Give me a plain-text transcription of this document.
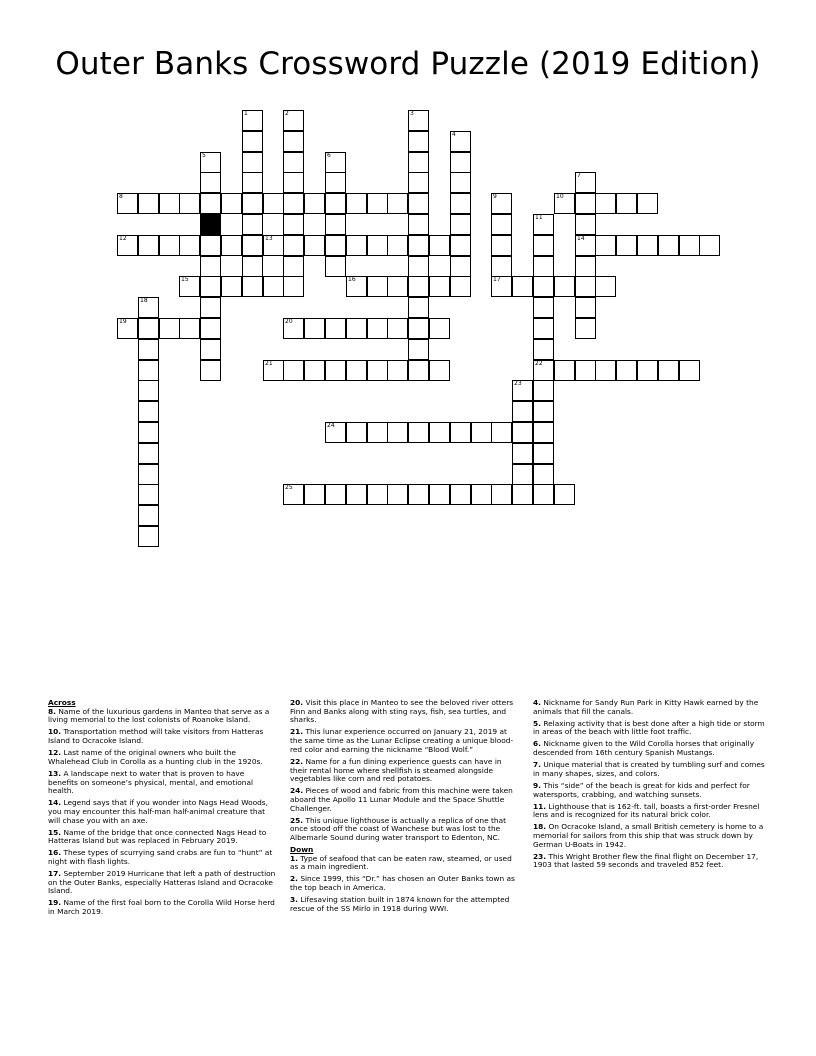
Outer Banks Crossword Puzzle (2019 Edition)
1	2	3
4
5	6
7
14
8	9
17
10
11
22
12	13
15	16
18
19	20
21
23
24
25

Across

8. Name of the luxurious gardens in Manteo that serve as a living memorial to the lost colonists of Roanoke Island.

10. Transportation method will take visitors from Hatteras Island to Ocracoke Island.

12. Last name of the original owners who built the Whalehead Club in Corolla as a hunting club in the 1920s.

13. A landscape next to water that is proven to have benefits on someone’s physical, mental, and emotional health.

14. Legend says that if you wonder into Nags Head Woods, you may encounter this half-man half-animal creature that will chase you with an axe.

15. Name of the bridge that once connected Nags Head to Hatteras Island but was replaced in February 2019.

16. These types of scurrying sand crabs are fun to “hunt” at night with flash lights.

17. September 2019 Hurricane that left a path of destruction on the Outer Banks, especially Hatteras Island and Ocracoke Island.

19. Name of the first foal born to the Corolla Wild Horse herd in March 2019.

20. Visit this place in Manteo to see the beloved river otters Finn and Banks along with sting rays, fish, sea turtles, and sharks.

21. This lunar experience occurred on January 21, 2019 at the same time as the Lunar Eclipse creating a unique blood-red color and earning the nickname “Blood Wolf.”

22. Name for a fun dining experience guests can have in their rental home where shellfish is steamed alongside vegetables like corn and red potatoes.

24. Pieces of wood and fabric from this machine were taken aboard the Apollo 11 Lunar Module and the Space Shuttle Challenger.

25. This unique lighthouse is actually a replica of one that once stood off the coast of Wanchese but was lost to the Albemarle Sound during water transport to Edenton, NC.

Down

1. Type of seafood that can be eaten raw, steamed, or used as a main ingredient.

2. Since 1999, this “Dr.” has chosen an Outer Banks town as the top beach in America.

3. Lifesaving station built in 1874 known for the attempted rescue of the SS Mirlo in 1918 during WWI.

4. Nickname for Sandy Run Park in Kitty Hawk earned by the animals that fill the canals.

5. Relaxing activity that is best done after a high tide or storm in areas of the beach with little foot traffic.

6. Nickname given to the Wild Corolla horses that originally descended from 16th century Spanish Mustangs.

7. Unique material that is created by tumbling surf and comes in many shapes, sizes, and colors.

9. This “side” of the beach is great for kids and perfect for watersports, crabbing, and watching sunsets.

11. Lighthouse that is 162-ft. tall, boasts a first-order Fresnel lens and is recognized for its natural brick color.

18. On Ocracoke Island, a small British cemetery is home to a memorial for sailors from this ship that was struck down by German U-Boats in 1942.

23. This Wright Brother flew the final flight on December 17, 1903 that lasted 59 seconds and traveled 852 feet.
